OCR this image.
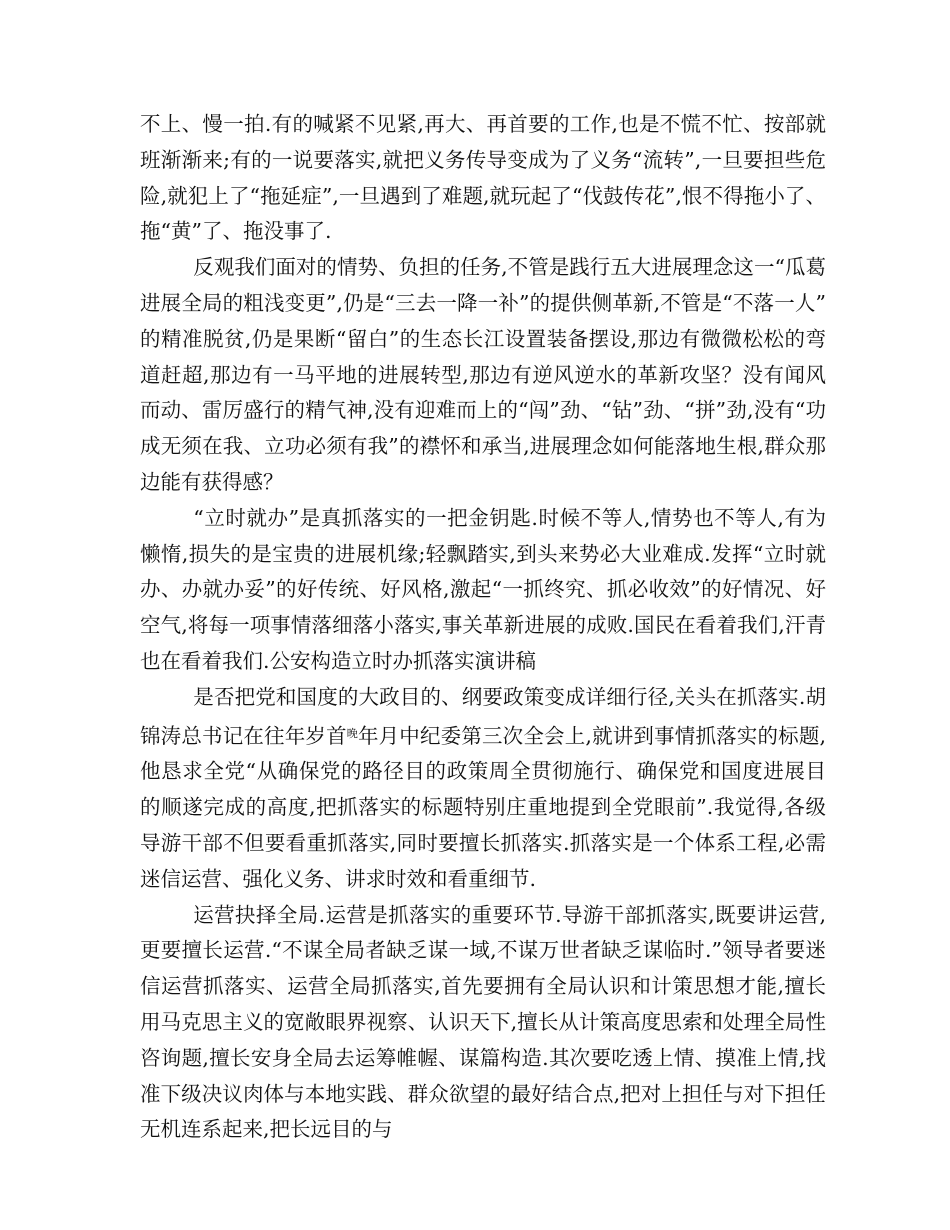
不上、慢一拍.有的喊紧不见紧,再大、再首要的工作,也是不慌不忙、按部就班渐渐来;有的一说要落实,就把义务传导变成为了义务“流转”,一旦要担些危险,就犯上了“拖延症”,一旦遇到了难题,就玩起了“伐鼓传花”,恨不得拖小了、拖“黄”了、拖没事了.

反观我们面对的情势、负担的任务,不管是践行五大进展理念这一“瓜葛进展全局的粗浅变更”,仍是“三去一降一补”的提供侧革新,不管是“不落一人”的精准脱贫,仍是果断“留白”的生态长江设置装备摆设,那边有微微松松的弯道赶超,那边有一马平地的进展转型,那边有逆风逆水的革新攻坚？没有闻风而动、雷厉盛行的精气神,没有迎难而上的“闯”劲、“钻”劲、“拼”劲,没有“功成无须在我、立功必须有我”的襟怀和承当,进展理念如何能落地生根,群众那边能有获得感？

“立时就办”是真抓落实的一把金钥匙.时候不等人,情势也不等人,有为懒惰,损失的是宝贵的进展机缘;轻飘踏实,到头来势必大业难成.发挥“立时就办、办就办妥”的好传统、好风格,激起“一抓终究、抓必收效”的好情况、好空气,将每一项事情落细落小落实,事关革新进展的成败.国民在看着我们,汗青也在看着我们.公安构造立时办抓落实演讲稿

是否把党和国度的大政目的、纲要政策变成详细行径,关头在抓落实.胡锦涛总书记在往年岁首$^晚$年月中纪委第三次全会上,就讲到事情抓落实的标题,他恳求全党“从确保党的路径目的政策周全贯彻施行、确保党和国度进展目的顺遂完成的高度,把抓落实的标题特别庄重地提到全党眼前”.我觉得,各级导游干部不但要看重抓落实,同时要擅长抓落实.抓落实是一个体系工程,必需迷信运营、强化义务、讲求时效和看重细节.

运营抉择全局.运营是抓落实的重要环节.导游干部抓落实,既要讲运营,更要擅长运营.“不谋全局者缺乏谋一域,不谋万世者缺乏谋临时.”领导者要迷信运营抓落实、运营全局抓落实,首先要拥有全局认识和计策思想才能,擅长用马克思主义的宽敞眼界视察、认识天下,擅长从计策高度思索和处理全局性咨询题,擅长安身全局去运筹帷幄、谋篇构造.其次要吃透上情、摸准上情,找准下级决议肉体与本地实践、群众欲望的最好结合点,把对上担任与对下担任无机连系起来,把长远目的与
